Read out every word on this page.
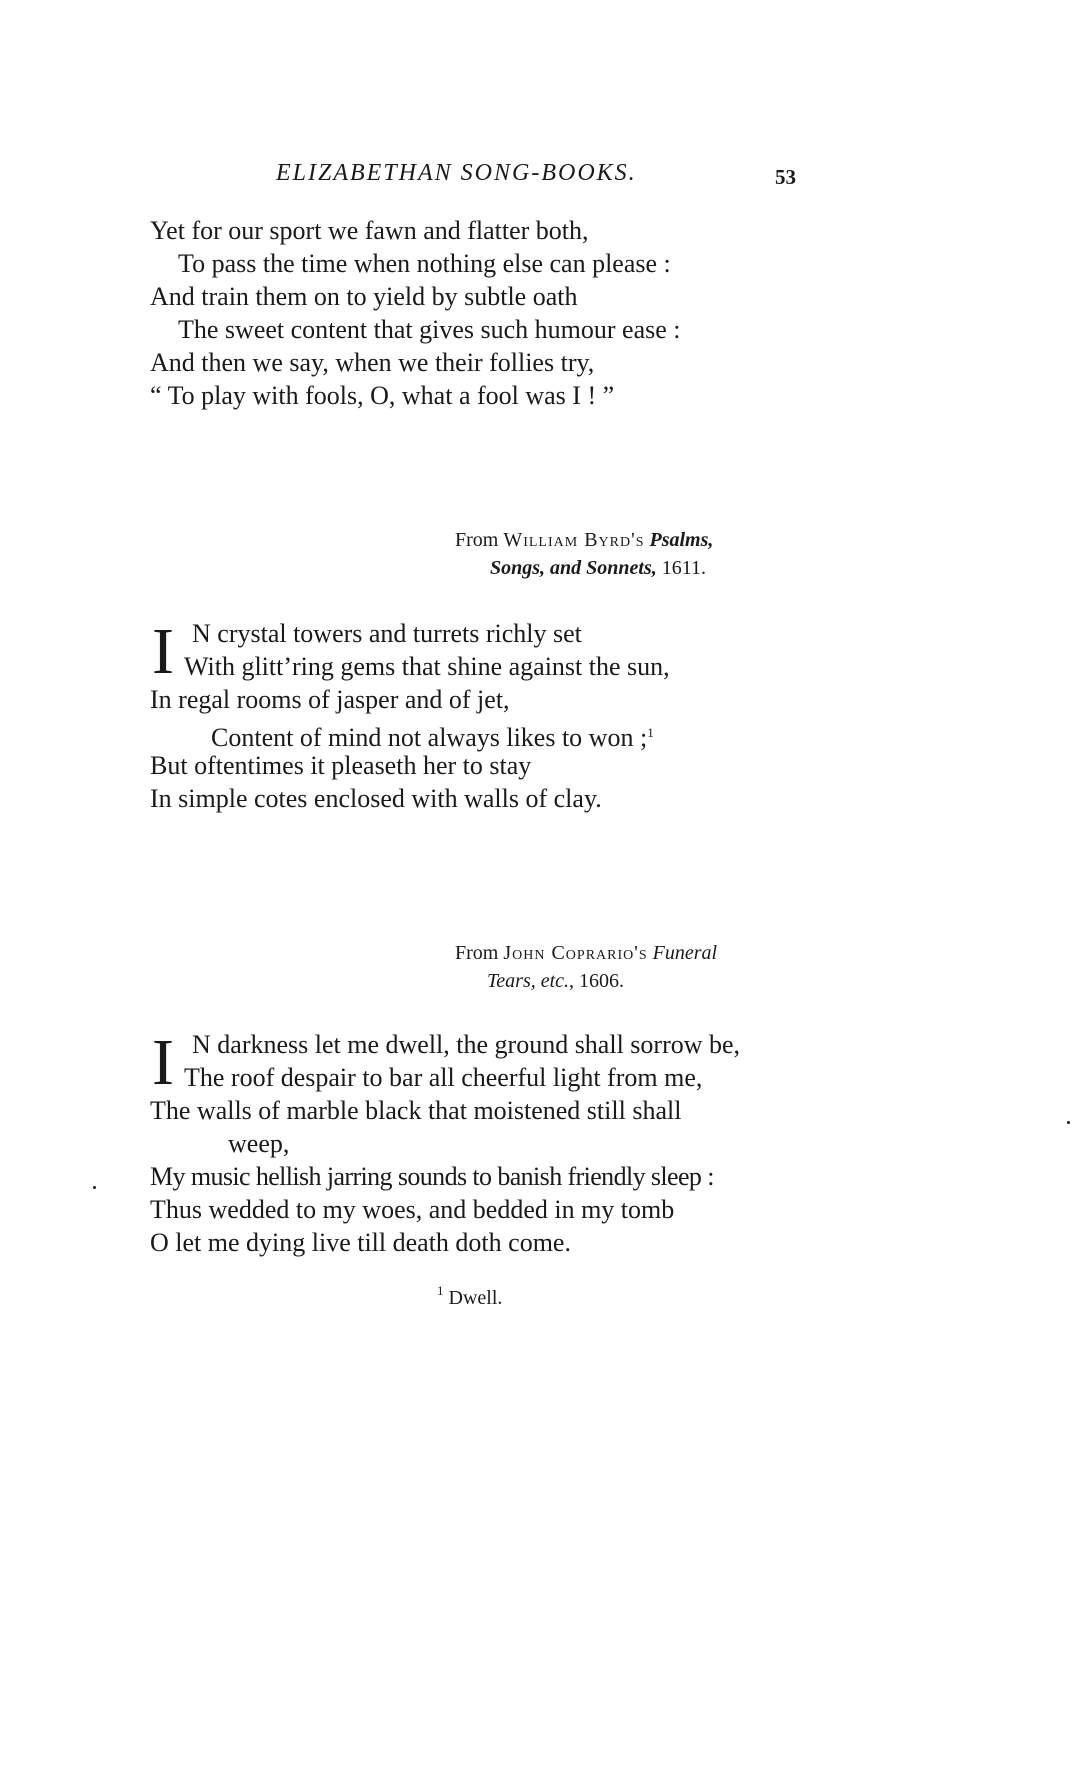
ELIZABETHAN SONG-BOOKS.	53
Yet for our sport we fawn and flatter both,
To pass the time when nothing else can please :
And train them on to yield by subtle oath
The sweet content that gives such humour ease :
And then we say, when we their follies try,
“ To play with fools, O, what a fool was I ! ”
From William Byrd's Psalms,
Songs, and Sonnets, 1611.
I N crystal towers and turrets richly set
With glitt’ring gems that shine against the sun,
In regal rooms of jasper and of jet,
Content of mind not always likes to won ;$^1$
But oftentimes it pleaseth her to stay
In simple cotes enclosed with walls of clay.
From John Coprario's Funeral
Tears, etc., 1606.
I N darkness let me dwell, the ground shall sorrow be,
The roof despair to bar all cheerful light from me,
The walls of marble black that moistened still shall
weep,
My music hellish jarring sounds to banish friendly sleep :
Thus wedded to my woes, and bedded in my tomb
O let me dying live till death doth come.
$^1$ Dwell.
